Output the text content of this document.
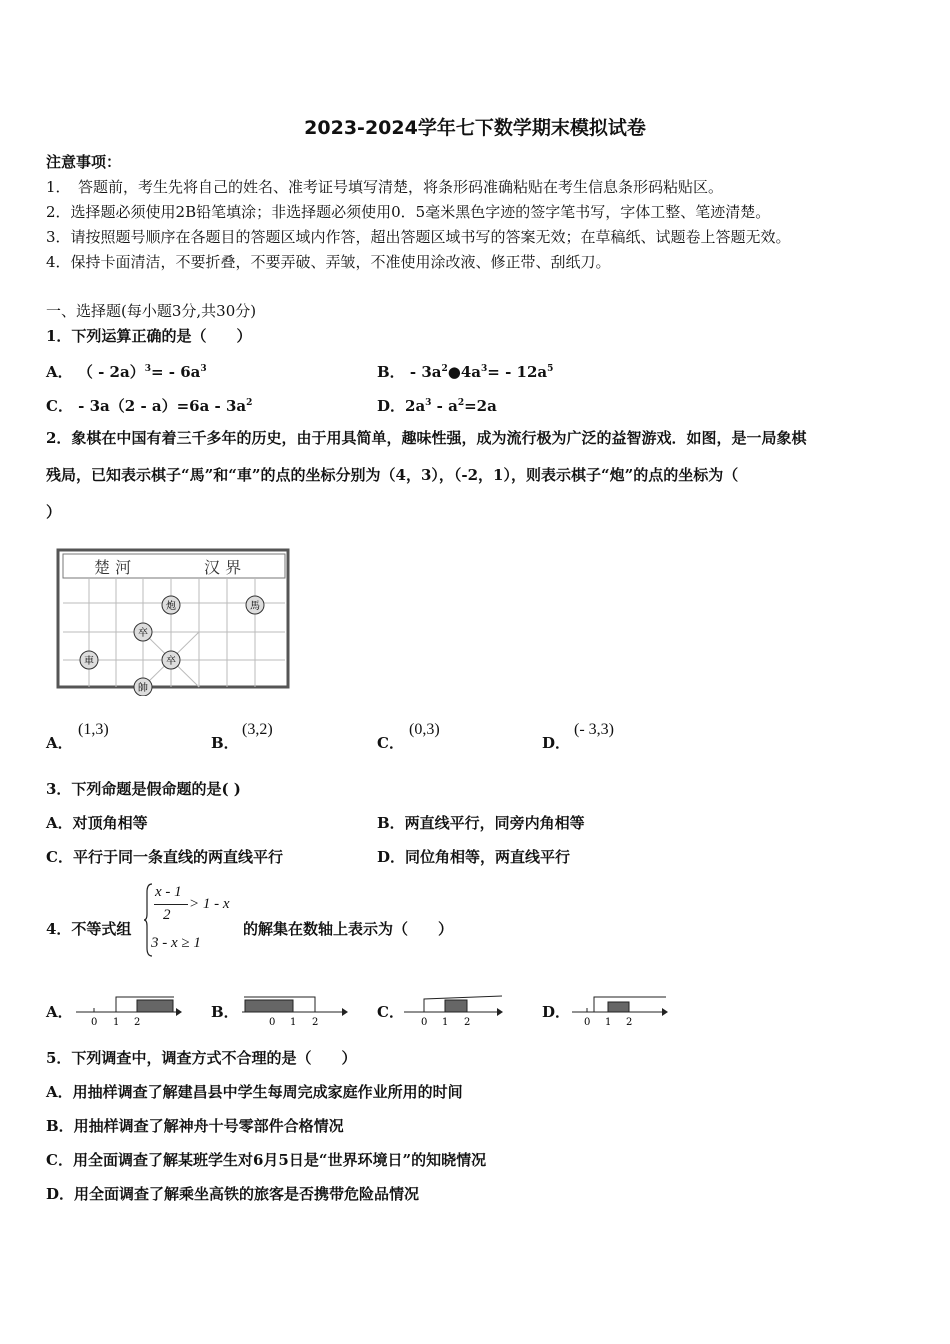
2023-2024学年七下数学期末模拟试卷
注意事项：
1．　答题前，考生先将自己的姓名、准考证号填写清楚，将条形码准确粘贴在考生信息条形码粘贴区。
2．选择题必须使用2B铅笔填涂；非选择题必须使用0．5毫米黑色字迹的签字笔书写，字体工整、笔迹清楚。
3．请按照题号顺序在各题目的答题区域内作答，超出答题区域书写的答案无效；在草稿纸、试题卷上答题无效。
4．保持卡面清洁，不要折叠，不要弄破、弄皱，不准使用涂改液、修正带、刮纸刀。
一、选择题(每小题3分,共30分)
1．下列运算正确的是（　　）
A． （ - $2a)^3= - 6a^3$	B． - $3a^2●4a^3= - 12a^5$
C． - $3a(2 - a)=6a - 3a^2$	D．$2a^3 - a^2=2a$
2．象棋在中国有着三千多年的历史，由于用具简单，趣味性强，成为流行极为广泛的益智游戏．如图，是一局象棋
残局，已知表示棋子“馬”和“車”的点的坐标分别为（4，3），（-2，1），则表示棋子“炮”的点的坐标为（
）
楚 河	汉 界
炮	馬
卒
車	卒
帥
A．
(1,3)
B．
(3,2)
C．
(0,3)
D．
(- 3,3)
3．下列命题是假命题的是( )
A．对顶角相等	B．两直线平行，同旁内角相等
C．平行于同一条直线的两直线平行	D．同位角相等，两直线平行
4．不等式组
x - 1
2
> 1 - x
3 - x ≥ 1
的解集在数轴上表示为（　　）
A．
0 1 2
B．
0 1 2
C．
0 1 2
D．
0 1 2
5．下列调查中，调查方式不合理的是（　　）
A．用抽样调查了解建昌县中学生每周完成家庭作业所用的时间
B．用抽样调查了解神舟十号零部件合格情况
C．用全面调查了解某班学生对6月5日是“世界环境日”的知晓情况
D．用全面调查了解乘坐高铁的旅客是否携带危险品情况
